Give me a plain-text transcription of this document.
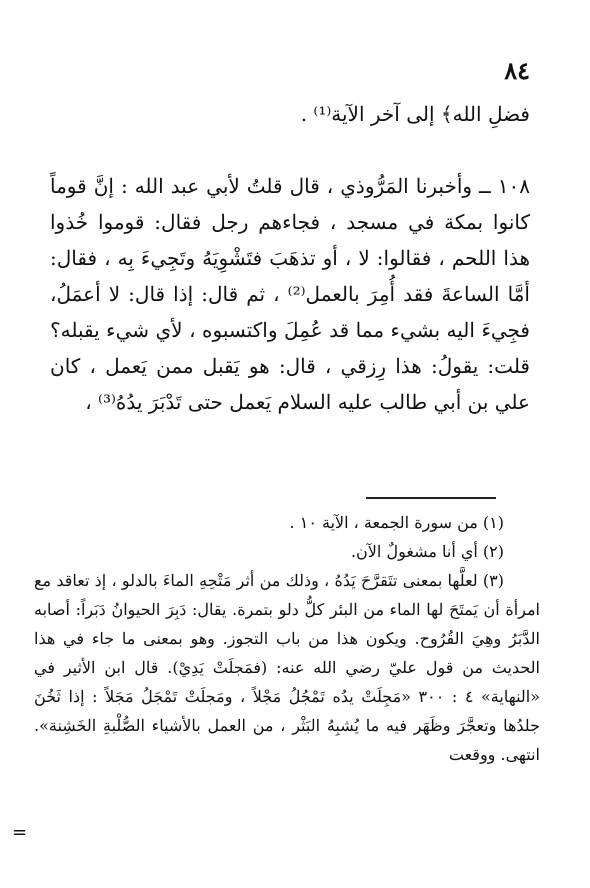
٨٤

فضلِ الله﴾ إلى آخر الآية⁽¹⁾ .

١٠٨ ــ وأخبرنا المَرُّوذي ، قال قلتُ لأبي عبد الله : إنَّ قوماً كانوا بمكة في مسجد ، فجاءهم رجل فقال: قوموا خُذوا هذا اللحم ، فقالوا: لا ، أو تذهَبَ فتَشْوِيَهُ وتَجِيءَ بِه ، فقال: أمَّا الساعةَ فقد أُمِرَ بالعمل⁽²⁾ ، ثم قال: إذا قال: لا أعمَلُ، فجِيءَ اليه بشيء مما قد عُمِلَ واكتسبوه ، لأي شيء يقبله؟ قلت: يقولُ: هذا رِزقي ، قال: هو يَقبل ممن يَعمل ، كان علي بن أبي طالب عليه السلام يَعمل حتى تَدْبَرَ يدُهُ⁽³⁾ ،

(١) من سورة الجمعة ، الآية ١٠ .

(٢) أي أنا مشغولٌ الآن.

(٣) لعلَّها بمعنى تتَقرَّحَ يَدُهُ ، وذلك من أثر مَتْحِهِ الماءَ بالدلو ، إذ تعاقد مع امرأة أن يَمتَحَ لها الماء من البئر كلُّ دلو بتمرة. يقال: دَبِرَ الحيوانُ دَبَراً: أصابه الدَّبَرُ وهِيَ القُرُوح. ويكون هذا من باب التجوز. وهو بمعنى ما جاء في هذا الحديث من قول عليّ رضي الله عنه: (فمَجلَتْ يَدِيْ). قال ابن الأثير في «النهاية» ٤ : ٣٠٠ «مَجِلَتْ يدُه تَمْجُلُ مَجْلاً ، ومَجلَتْ تَمْجَلُ مَجَلاً : إذا ثَخُنَ جلدُها وتعجَّرَ وظَهَر فيه ما يُشبِهُ البَثْر ، من العمل بالأشياء الصُّلْبةِ الخَشِنة». انتهى. ووقعت

=
